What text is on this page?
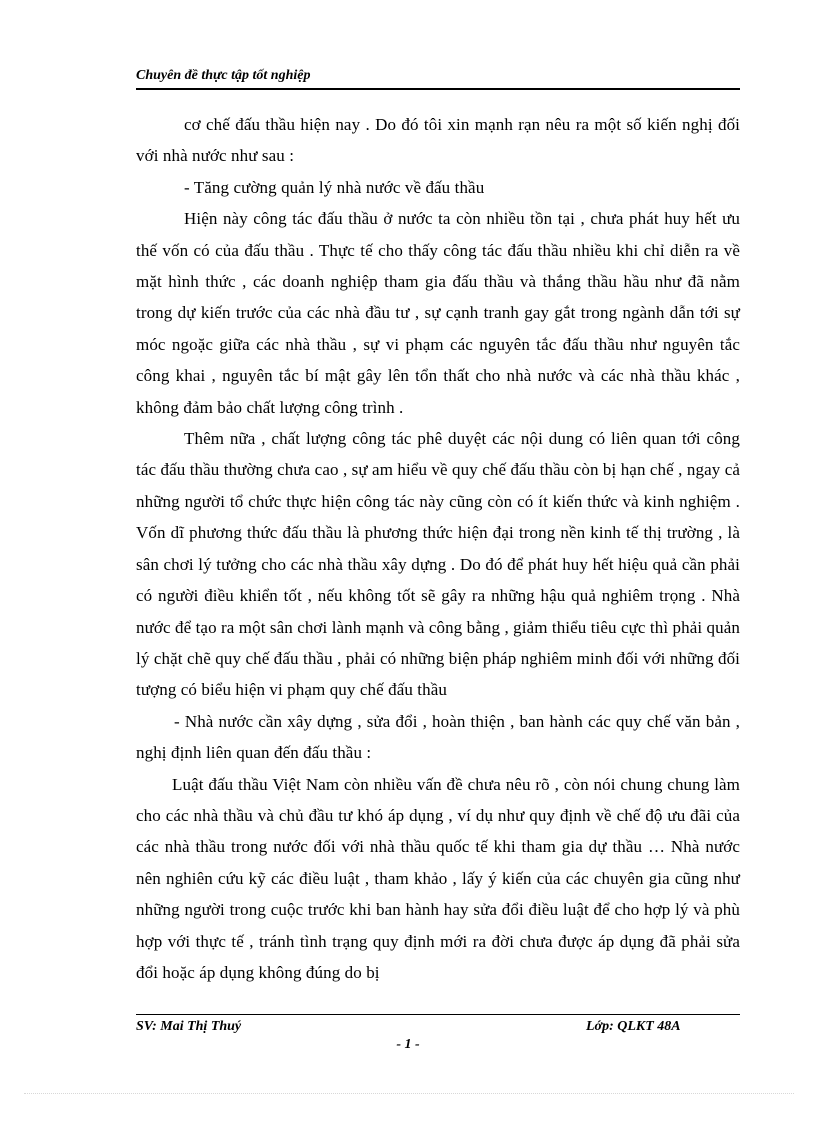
Chuyên đề thực tập tốt nghiệp

cơ chế đấu thầu hiện nay . Do đó tôi xin mạnh rạn nêu ra một số kiến nghị đối với nhà nước như sau :

- Tăng cường quản lý nhà nước về đấu thầu

Hiện này công tác đấu thầu ở nước ta còn nhiều tồn tại , chưa phát huy hết ưu thế vốn có của đấu thầu . Thực tế cho thấy công tác đấu thầu nhiều khi chỉ diễn ra về mặt hình thức , các doanh nghiệp tham gia đấu thầu và thắng thầu hầu như đã nằm trong dự kiến trước của các nhà đầu tư , sự cạnh tranh gay gắt trong ngành dẫn tới sự móc ngoặc giữa các nhà thầu , sự vi phạm các nguyên tắc đấu thầu như nguyên tắc công khai , nguyên tắc bí mật gây lên tổn thất cho nhà nước và các nhà thầu khác , không đảm bảo chất lượng công trình .

Thêm nữa , chất lượng công tác phê duyệt các nội dung có liên quan tới công tác đấu thầu thường chưa cao , sự am hiểu về quy chế đấu thầu còn bị hạn chế , ngay cả những người tổ chức thực hiện công tác này cũng còn có ít kiến thức và kinh nghiệm . Vốn dĩ phương thức đấu thầu là phương thức hiện đại trong nền kinh tế thị trường , là sân chơi lý tưởng cho các nhà thầu xây dựng . Do đó để phát huy hết hiệu quả cần phải có người điều khiển tốt , nếu không tốt sẽ gây ra những hậu quả nghiêm trọng . Nhà nước để tạo ra một sân chơi lành mạnh và công bằng , giảm thiểu tiêu cực thì phải quản lý chặt chẽ quy chế đấu thầu , phải có những biện pháp nghiêm minh đối với những đối tượng có biểu hiện vi phạm quy chế đấu thầu

- Nhà nước cần xây dựng , sửa đổi , hoàn thiện , ban hành các quy chế văn bản , nghị định liên quan đến đấu thầu :

Luật đấu thầu Việt Nam còn nhiều vấn đề chưa nêu rõ , còn nói chung chung làm cho các nhà thầu và chủ đầu tư khó áp dụng , ví dụ như quy định về chế độ ưu đãi của các nhà thầu trong nước đối với nhà thầu quốc tế khi tham gia dự thầu … Nhà nước nên nghiên cứu kỹ các điều luật , tham khảo , lấy ý kiến của các chuyên gia cũng như những người trong cuộc trước khi ban hành hay sửa đổi điều luật để cho hợp lý và phù hợp với thực tế , tránh tình trạng quy định mới ra đời chưa được áp dụng đã phải sửa đổi hoặc áp dụng không đúng do bị

SV: Mai Thị Thuý	Lớp: QLKT 48A
- 1 -
